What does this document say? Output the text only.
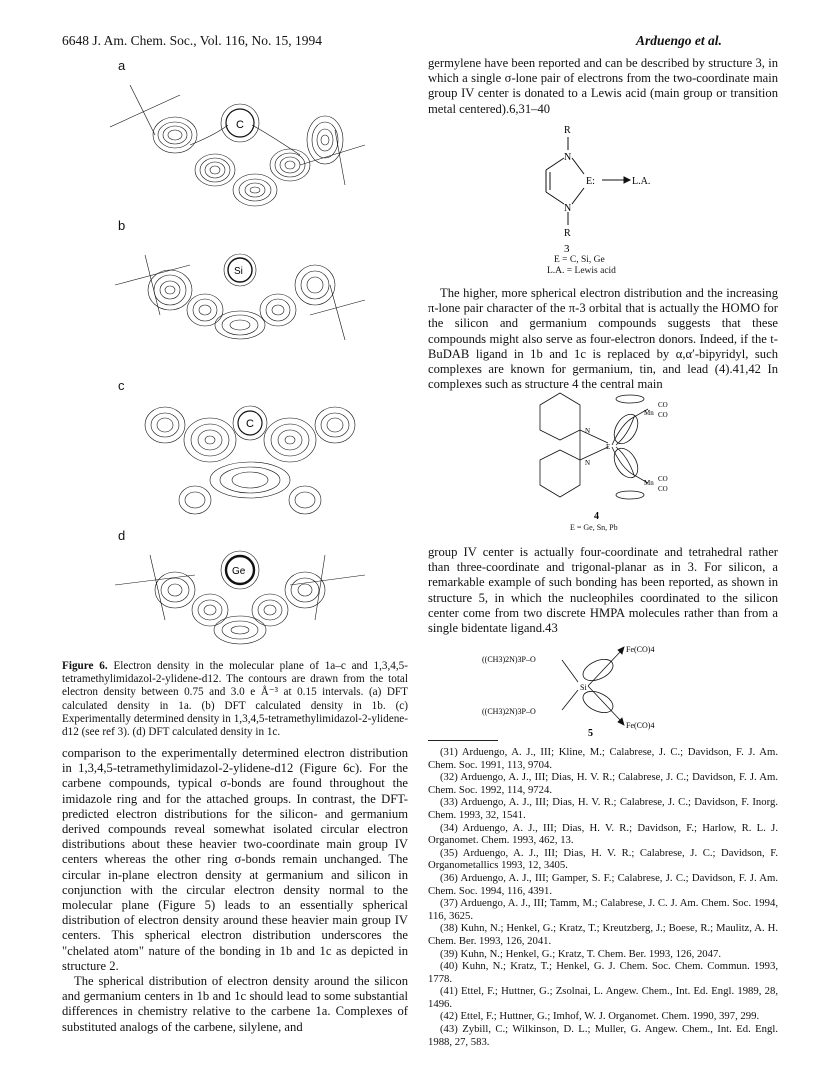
6648 J. Am. Chem. Soc., Vol. 116, No. 15, 1994	Arduengo et al.
a
b
c
d
C
Si
C
Ge
Figure 6. Electron density in the molecular plane of 1a–c and 1,3,4,5-tetramethylimidazol-2-ylidene-d12. The contours are drawn from the total electron density between 0.75 and 3.0 e Å⁻³ at 0.15 intervals. (a) DFT calculated density in 1a. (b) DFT calculated density in 1b. (c) Experimentally determined density in 1,3,4,5-tetramethylimidazol-2-ylidene-d12 (see ref 3). (d) DFT calculated density in 1c.

comparison to the experimentally determined electron distribution in 1,3,4,5-tetramethylimidazol-2-ylidene-d12 (Figure 6c). For the carbene compounds, typical σ-bonds are found throughout the imidazole ring and for the attached groups. In contrast, the DFT-predicted electron distributions for the silicon- and germanium derived compounds reveal somewhat isolated circular electron distributions about these heavier two-coordinate main group IV centers whereas the other ring σ-bonds remain unchanged. The circular in-plane electron density at germanium and silicon in conjunction with the circular electron density normal to the molecular plane (Figure 5) leads to an essentially spherical distribution of electron density around these heavier main group IV centers. This spherical electron distribution underscores the "chelated atom" nature of the bonding in 1b and 1c as depicted in structure 2.

The spherical distribution of electron density around the silicon and germanium centers in 1b and 1c should lead to some substantial differences in chemistry relative to the carbene 1a. Complexes of substituted analogs of the carbene, silylene, and

germylene have been reported and can be described by structure 3, in which a single σ-lone pair of electrons from the two-coordinate main group IV center is donated to a Lewis acid (main group or transition metal centered).6,31–40
R
N
N
R
E:	L.A.
3
E = C, Si, Ge
L.A. = Lewis acid

The higher, more spherical electron distribution and the increasing π-lone pair character of the π-3 orbital that is actually the HOMO for the silicon and germanium compounds suggests that these compounds might also serve as four-electron donors. Indeed, if the t-BuDAB ligand in 1b and 1c is replaced by α,α′-bipyridyl, such complexes are known for germanium, tin, and lead (4).41,42 In complexes such as structure 4 the central main

N
N
E
Mn
Mn
CO
CO
CO
CO
4
E = Ge, Sn, Pb
group IV center is actually four-coordinate and tetrahedral rather than three-coordinate and trigonal-planar as in 3. For silicon, a remarkable example of such bonding has been reported, as shown in structure 5, in which the nucleophiles coordinated to the silicon center come from two discrete HMPA molecules rather than from a single bidentate ligand.43
((CH3)2N)3P–O
((CH3)2N)3P–O
Si
Fe(CO)4
Fe(CO)4
5

(31) Arduengo, A. J., III; Kline, M.; Calabrese, J. C.; Davidson, F. J. Am. Chem. Soc. 1991, 113, 9704.

(32) Arduengo, A. J., III; Dias, H. V. R.; Calabrese, J. C.; Davidson, F. J. Am. Chem. Soc. 1992, 114, 9724.

(33) Arduengo, A. J., III; Dias, H. V. R.; Calabrese, J. C.; Davidson, F. Inorg. Chem. 1993, 32, 1541.

(34) Arduengo, A. J., III; Dias, H. V. R.; Davidson, F.; Harlow, R. L. J. Organomet. Chem. 1993, 462, 13.

(35) Arduengo, A. J., III; Dias, H. V. R.; Calabrese, J. C.; Davidson, F. Organometallics 1993, 12, 3405.

(36) Arduengo, A. J., III; Gamper, S. F.; Calabrese, J. C.; Davidson, F. J. Am. Chem. Soc. 1994, 116, 4391.

(37) Arduengo, A. J., III; Tamm, M.; Calabrese, J. C. J. Am. Chem. Soc. 1994, 116, 3625.

(38) Kuhn, N.; Henkel, G.; Kratz, T.; Kreutzberg, J.; Boese, R.; Maulitz, A. H. Chem. Ber. 1993, 126, 2041.

(39) Kuhn, N.; Henkel, G.; Kratz, T. Chem. Ber. 1993, 126, 2047.

(40) Kuhn, N.; Kratz, T.; Henkel, G. J. Chem. Soc. Chem. Commun. 1993, 1778.

(41) Ettel, F.; Huttner, G.; Zsolnai, L. Angew. Chem., Int. Ed. Engl. 1989, 28, 1496.

(42) Ettel, F.; Huttner, G.; Imhof, W. J. Organomet. Chem. 1990, 397, 299.

(43) Zybill, C.; Wilkinson, D. L.; Muller, G. Angew. Chem., Int. Ed. Engl. 1988, 27, 583.
